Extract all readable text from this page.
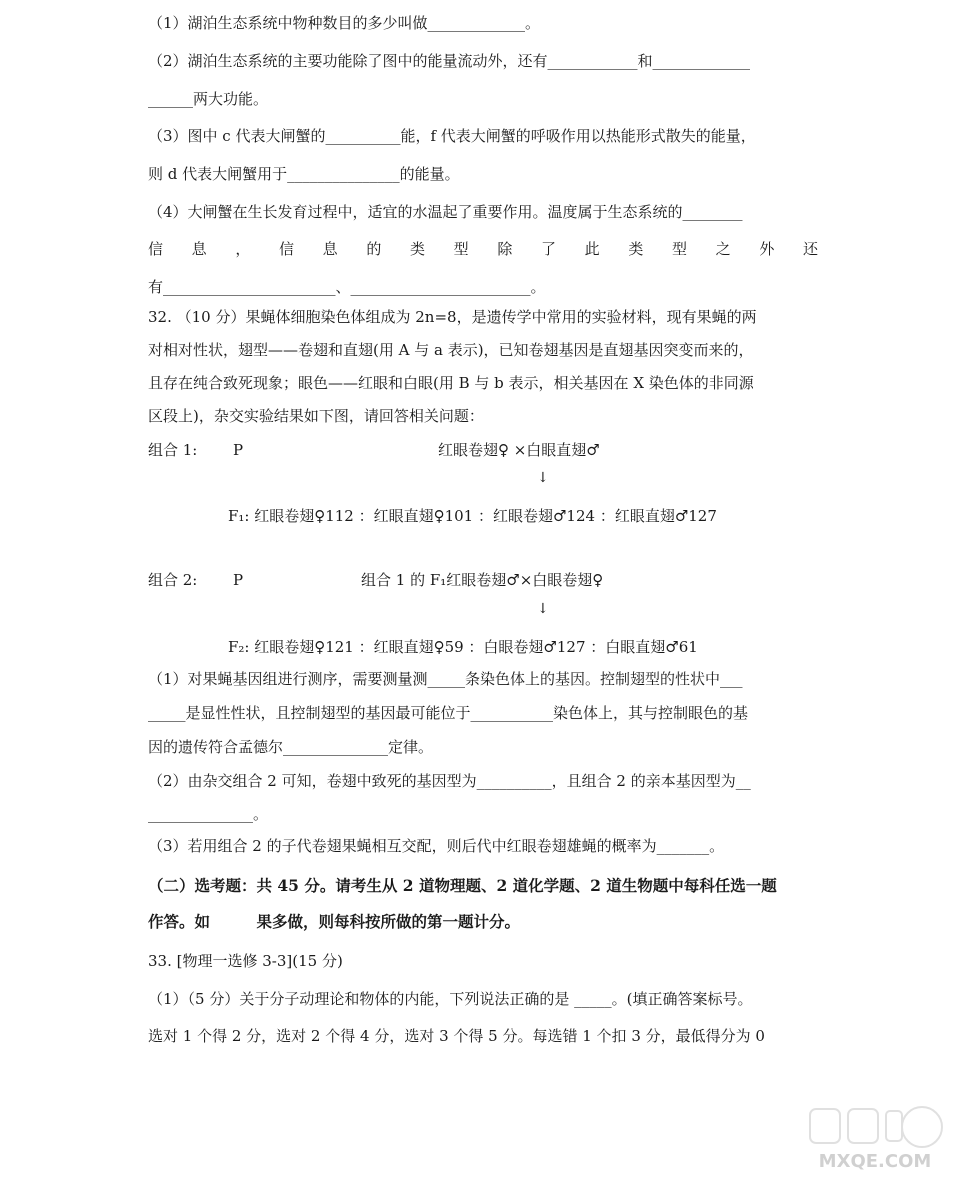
（1）湖泊生态系统中物种数目的多少叫做_____________。
（2）湖泊生态系统的主要功能除了图中的能量流动外，还有____________和_____________
______两大功能。
（3）图中 c 代表大闸蟹的__________能，f 代表大闸蟹的呼吸作用以热能形式散失的能量，
则 d 代表大闸蟹用于_______________的能量。
（4）大闸蟹在生长发育过程中，适宜的水温起了重要作用。温度属于生态系统的________
信 息 ， 信 息 的 类 型 除 了 此 类 型 之 外 还
有_______________________、________________________。
32. （10 分）果蝇体细胞染色体组成为 2n=8，是遗传学中常用的实验材料，现有果蝇的两
对相对性状，翅型——卷翅和直翅(用 A 与 a 表示)，已知卷翅基因是直翅基因突变而来的，
且存在纯合致死现象；眼色——红眼和白眼(用 B 与 b 表示，相关基因在 X 染色体的非同源
区段上)，杂交实验结果如下图，请回答相关问题：
组合 1: P	红眼卷翅♀ ×白眼直翅♂
↓
F₁: 红眼卷翅♀112 ：红眼直翅♀101 ：红眼卷翅♂124 ：红眼直翅♂127
组合 2: P	组合 1 的 F₁红眼卷翅♂×白眼卷翅♀
↓
F₂: 红眼卷翅♀121 ：红眼直翅♀59 ：白眼卷翅♂127 ：白眼直翅♂61
（1）对果蝇基因组进行测序，需要测量测_____条染色体上的基因。控制翅型的性状中___
_____是显性性状，且控制翅型的基因最可能位于___________染色体上，其与控制眼色的基
因的遗传符合孟德尔______________定律。
（2）由杂交组合 2 可知，卷翅中致死的基因型为__________，且组合 2 的亲本基因型为__
______________。
（3）若用组合 2 的子代卷翅果蝇相互交配，则后代中红眼卷翅雄蝇的概率为_______。
（二）选考题：共 45 分。请考生从 2 道物理题、2 道化学题、2 道生物题中每科任选一题
作答。如　　　果多做，则每科按所做的第一题计分。
33. [物理一选修 3-3](15 分)
（1）（5 分）关于分子动理论和物体的内能，下列说法正确的是 _____。(填正确答案标号。
选对 1 个得 2 分，选对 2 个得 4 分，选对 3 个得 5 分。每选错 1 个扣 3 分，最低得分为 0
MXQE.COM
